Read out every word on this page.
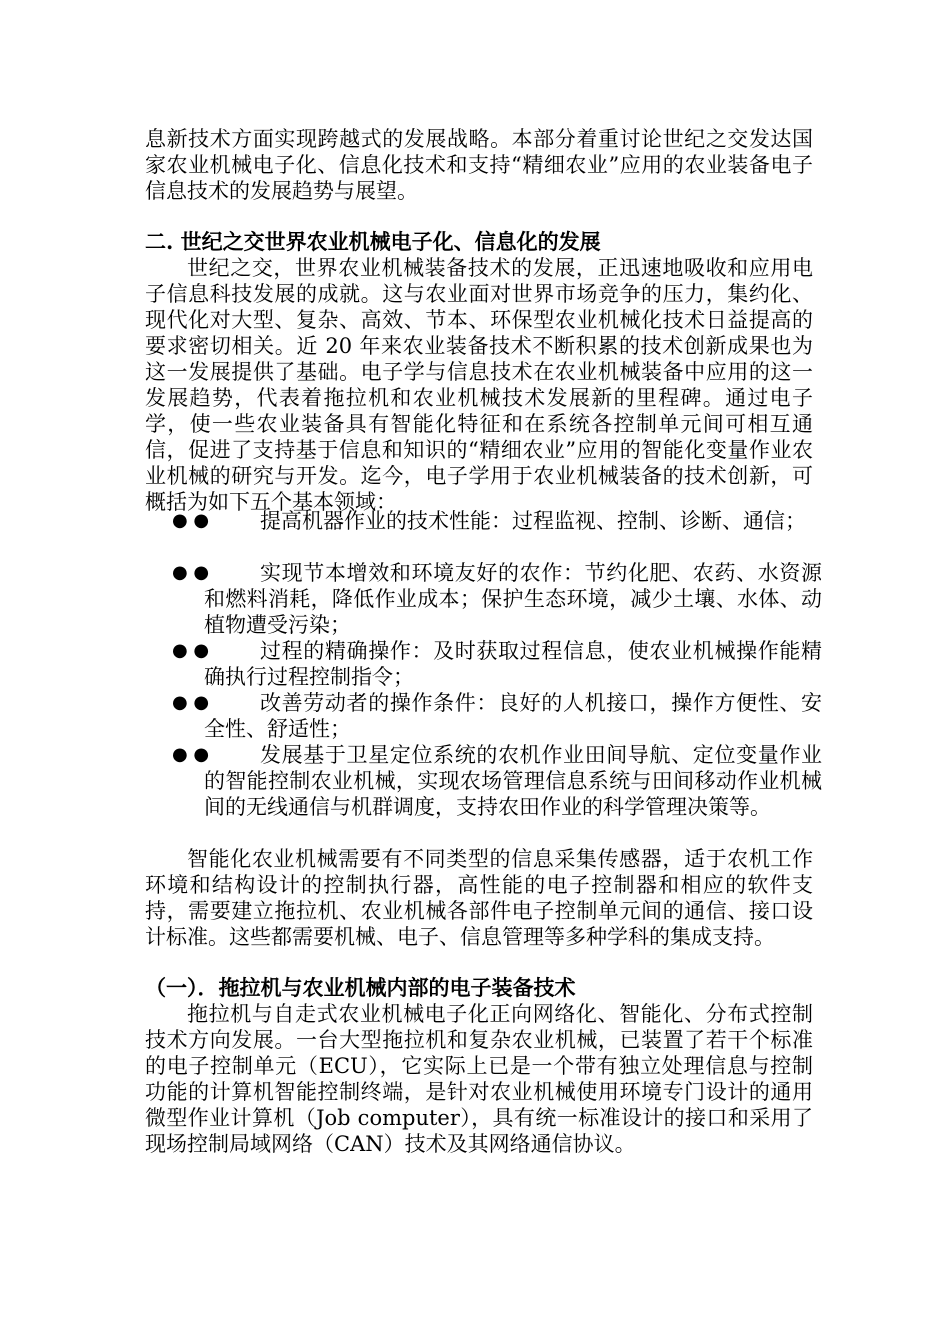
息新技术方面实现跨越式的发展战略。本部分着重讨论世纪之交发达国家农业机械电子化、信息化技术和支持“精细农业”应用的农业装备电子信息技术的发展趋势与展望。
二. 世纪之交世界农业机械电子化、信息化的发展
世纪之交，世界农业机械装备技术的发展，正迅速地吸收和应用电子信息科技发展的成就。这与农业面对世界市场竞争的压力，集约化、现代化对大型、复杂、高效、节本、环保型农业机械化技术日益提高的要求密切相关。近 20 年来农业装备技术不断积累的技术创新成果也为这一发展提供了基础。电子学与信息技术在农业机械装备中应用的这一发展趋势，代表着拖拉机和农业机械技术发展新的里程碑。通过电子学，使一些农业装备具有智能化特征和在系统各控制单元间可相互通信，促进了支持基于信息和知识的“精细农业”应用的智能化变量作业农业机械的研究与开发。迄今，电子学用于农业机械装备的技术创新，可概括为如下五个基本领域：
● ●	提高机器作业的技术性能：过程监视、控制、诊断、通信；
● ●	实现节本增效和环境友好的农作：节约化肥、农药、水资源和燃料消耗，降低作业成本；保护生态环境，减少土壤、水体、动植物遭受污染；
● ●	过程的精确操作：及时获取过程信息，使农业机械操作能精确执行过程控制指令；
● ●	改善劳动者的操作条件：良好的人机接口，操作方便性、安全性、舒适性；
● ●	发展基于卫星定位系统的农机作业田间导航、定位变量作业的智能控制农业机械，实现农场管理信息系统与田间移动作业机械间的无线通信与机群调度，支持农田作业的科学管理决策等。
智能化农业机械需要有不同类型的信息采集传感器，适于农机工作环境和结构设计的控制执行器，高性能的电子控制器和相应的软件支持，需要建立拖拉机、农业机械各部件电子控制单元间的通信、接口设计标准。这些都需要机械、电子、信息管理等多种学科的集成支持。
（一）．拖拉机与农业机械内部的电子装备技术
拖拉机与自走式农业机械电子化正向网络化、智能化、分布式控制技术方向发展。一台大型拖拉机和复杂农业机械，已装置了若干个标准的电子控制单元（ECU），它实际上已是一个带有独立处理信息与控制功能的计算机智能控制终端，是针对农业机械使用环境专门设计的通用微型作业计算机（Job computer），具有统一标准设计的接口和采用了现场控制局域网络（CAN）技术及其网络通信协议。
